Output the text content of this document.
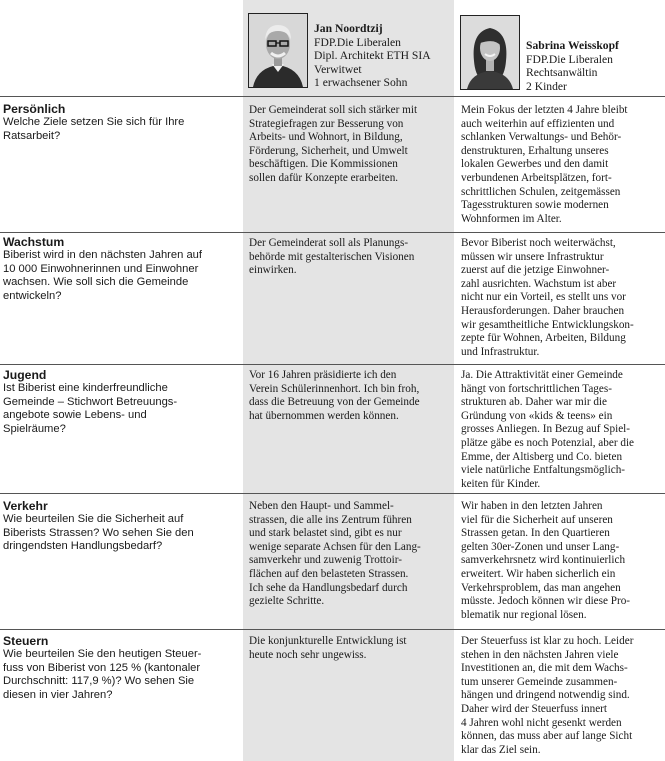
Jan Noordtzij
FDP.Die Liberalen
Dipl. Architekt ETH SIA
Verwitwet
1 erwachsener Sohn
Sabrina Weisskopf
FDP.Die Liberalen
Rechtsanwältin
2 Kinder
Persönlich
Welche Ziele setzen Sie sich für Ihre
Ratsarbeit?
Der Gemeinderat soll sich stärker mit
Strategiefragen zur Besserung von
Arbeits- und Wohnort, in Bildung,
Förderung, Sicherheit, und Umwelt
beschäftigen. Die Kommissionen
sollen dafür Konzepte erarbeiten.
Mein Fokus der letzten 4 Jahre bleibt
auch weiterhin auf effizienten und
schlanken Verwaltungs- und Behör-
denstrukturen, Erhaltung unseres
lokalen Gewerbes und den damit
verbundenen Arbeitsplätzen, fort-
schrittlichen Schulen, zeitgemässen
Tagesstrukturen sowie modernen
Wohnformen im Alter.
Wachstum
Biberist wird in den nächsten Jahren auf
10 000 Einwohnerinnen und Einwohner
wachsen. Wie soll sich die Gemeinde
entwickeln?
Der Gemeinderat soll als Planungs-
behörde mit gestalterischen Visionen
einwirken.
Bevor Biberist noch weiterwächst,
müssen wir unsere Infrastruktur
zuerst auf die jetzige Einwohner-
zahl ausrichten. Wachstum ist aber
nicht nur ein Vorteil, es stellt uns vor
Herausforderungen. Daher brauchen
wir gesamtheitliche Entwicklungskon-
zepte für Wohnen, Arbeiten, Bildung
und Infrastruktur.
Jugend
Ist Biberist eine kinderfreundliche
Gemeinde – Stichwort Betreuungs-
angebote sowie Lebens- und
Spielräume?
Vor 16 Jahren präsidierte ich den
Verein Schülerinnenhort. Ich bin froh,
dass die Betreuung von der Gemeinde
hat übernommen werden können.
Ja. Die Attraktivität einer Gemeinde
hängt von fortschrittlichen Tages-
strukturen ab. Daher war mir die
Gründung von «kids & teens» ein
grosses Anliegen. In Bezug auf Spiel-
plätze gäbe es noch Potenzial, aber die
Emme, der Altisberg und Co. bieten
viele natürliche Entfaltungsmöglich-
keiten für Kinder.
Verkehr
Wie beurteilen Sie die Sicherheit auf
Biberists Strassen? Wo sehen Sie den
dringendsten Handlungsbedarf?
Neben den Haupt- und Sammel-
strassen, die alle ins Zentrum führen
und stark belastet sind, gibt es nur
wenige separate Achsen für den Lang-
samverkehr und zuwenig Trottoir-
flächen auf den belasteten Strassen.
Ich sehe da Handlungsbedarf durch
gezielte Schritte.
Wir haben in den letzten Jahren
viel für die Sicherheit auf unseren
Strassen getan. In den Quartieren
gelten 30er-Zonen und unser Lang-
samverkehrsnetz wird kontinuierlich
erweitert. Wir haben sicherlich ein
Verkehrsproblem, das man angehen
müsste. Jedoch können wir diese Pro-
blematik nur regional lösen.
Steuern
Wie beurteilen Sie den heutigen Steuer-
fuss von Biberist von 125 % (kantonaler
Durchschnitt: 117,9 %)? Wo sehen Sie
diesen in vier Jahren?
Die konjunkturelle Entwicklung ist
heute noch sehr ungewiss.
Der Steuerfuss ist klar zu hoch. Leider
stehen in den nächsten Jahren viele
Investitionen an, die mit dem Wachs-
tum unserer Gemeinde zusammen-
hängen und dringend notwendig sind.
Daher wird der Steuerfuss innert
4 Jahren wohl nicht gesenkt werden
können, das muss aber auf lange Sicht
klar das Ziel sein.
